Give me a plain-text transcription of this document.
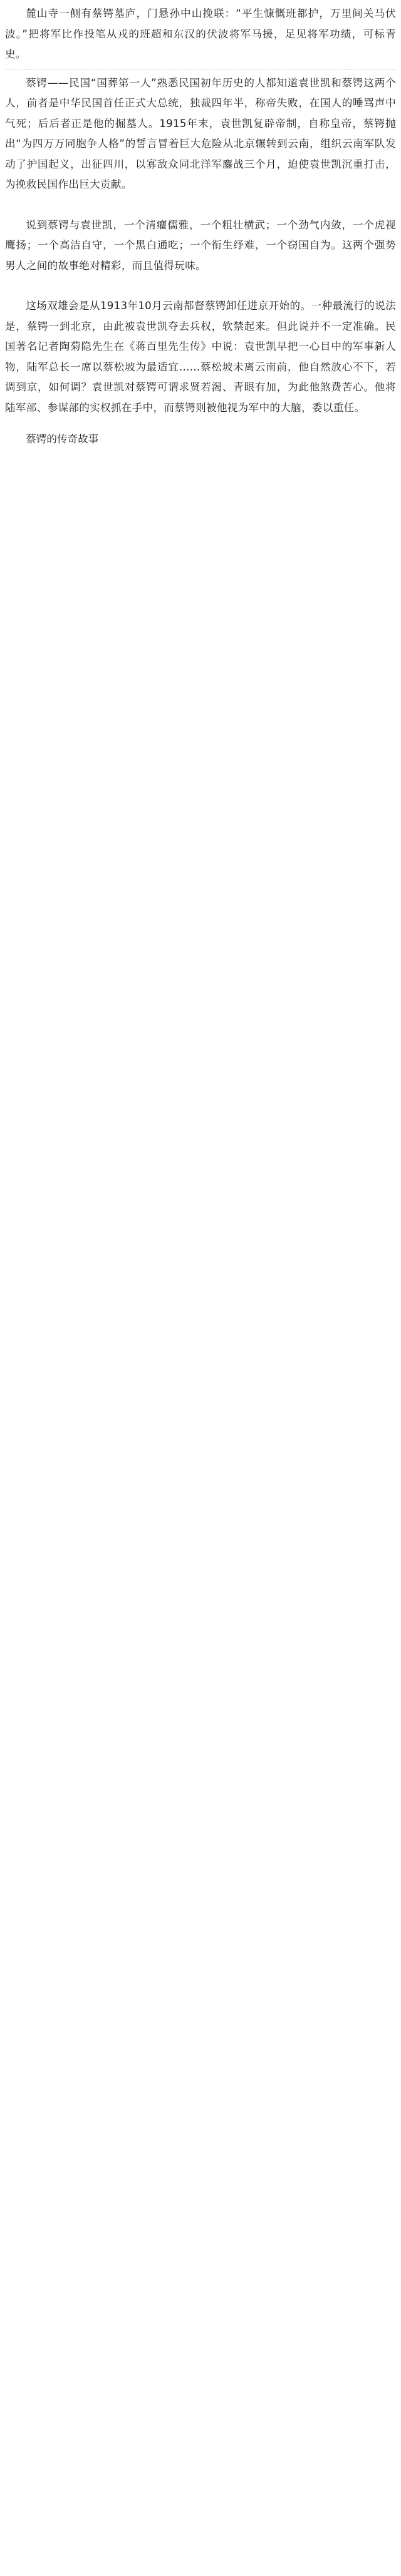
麓山寺一侧有蔡锷墓庐，门悬孙中山挽联：“平生慷慨班都护，万里间关马伏波。”把将军比作投笔从戎的班超和东汉的伏波将军马援，足见将军功绩，可标青史。

蔡锷——民国“国葬第一人”熟悉民国初年历史的人都知道袁世凯和蔡锷这两个人，前者是中华民国首任正式大总统，独裁四年半，称帝失败，在国人的唾骂声中气死；后后者正是他的掘墓人。1915年末，袁世凯复辟帝制，自称皇帝，蔡锷抛出“为四万万同胞争人格”的誓言冒着巨大危险从北京辗转到云南，组织云南军队发动了护国起义，出征四川，以寡敌众同北洋军鏖战三个月，迫使袁世凯沉重打击，为挽救民国作出巨大贡献。

说到蔡锷与袁世凯，一个清癯儒雅，一个粗壮横武；一个劲气内敛，一个虎视鹰扬；一个高洁自守，一个黑白通吃；一个衔生纾难，一个窃国自为。这两个强势男人之间的故事绝对精彩，而且值得玩味。

这场双雄会是从1913年10月云南都督蔡锷卸任进京开始的。一种最流行的说法是，蔡锷一到北京，由此被袁世凯夺去兵权，软禁起来。但此说并不一定准确。民国著名记者陶菊隐先生在《蒋百里先生传》中说：袁世凯早把一心目中的军事新人物，陆军总长一席以蔡松坡为最适宜……蔡松坡未离云南前，他自然放心不下，若调到京，如何调？袁世凯对蔡锷可谓求贤若渴、青眼有加，为此他煞费苦心。他将陆军部、参谋部的实权抓在手中，而蔡锷则被他视为军中的大脑，委以重任。

蔡锷的传奇故事
